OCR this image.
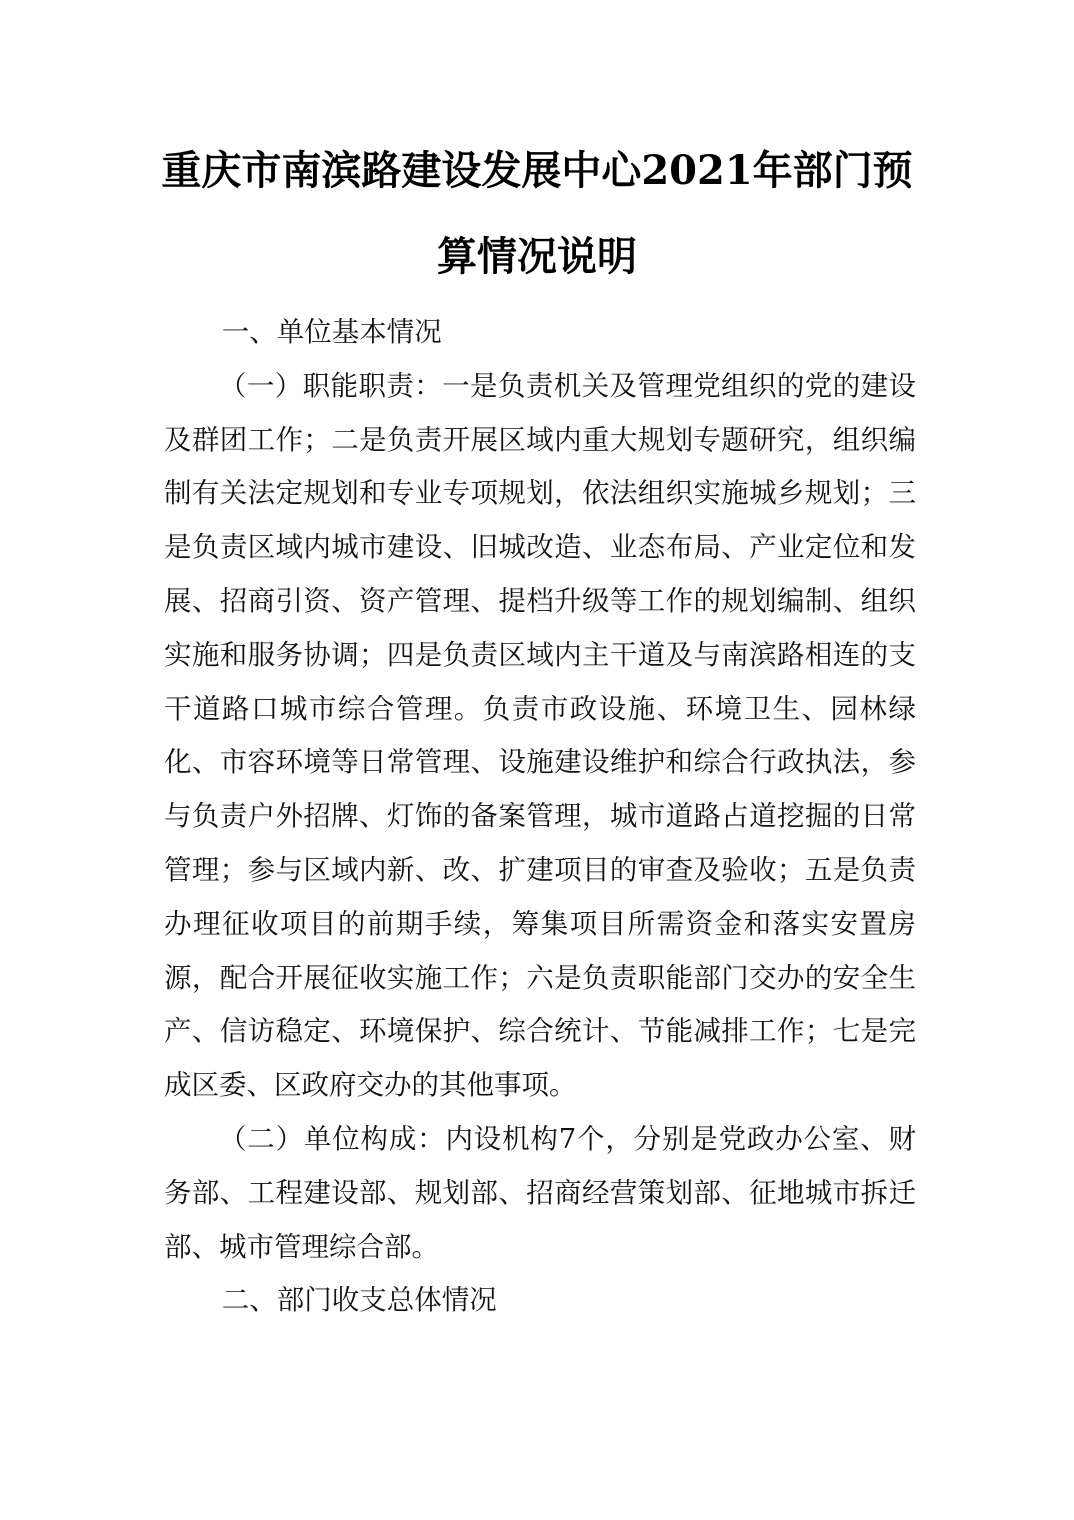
重庆市南滨路建设发展中心2021年部门预算情况说明

一、单位基本情况

（一）职能职责：一是负责机关及管理党组织的党的建设及群团工作；二是负责开展区域内重大规划专题研究，组织编制有关法定规划和专业专项规划，依法组织实施城乡规划；三是负责区域内城市建设、旧城改造、业态布局、产业定位和发展、招商引资、资产管理、提档升级等工作的规划编制、组织实施和服务协调；四是负责区域内主干道及与南滨路相连的支干道路口城市综合管理。负责市政设施、环境卫生、园林绿化、市容环境等日常管理、设施建设维护和综合行政执法，参与负责户外招牌、灯饰的备案管理，城市道路占道挖掘的日常管理；参与区域内新、改、扩建项目的审查及验收；五是负责办理征收项目的前期手续，筹集项目所需资金和落实安置房源，配合开展征收实施工作；六是负责职能部门交办的安全生产、信访稳定、环境保护、综合统计、节能减排工作；七是完成区委、区政府交办的其他事项。

（二）单位构成：内设机构7个，分别是党政办公室、财务部、工程建设部、规划部、招商经营策划部、征地城市拆迁部、城市管理综合部。

二、部门收支总体情况
